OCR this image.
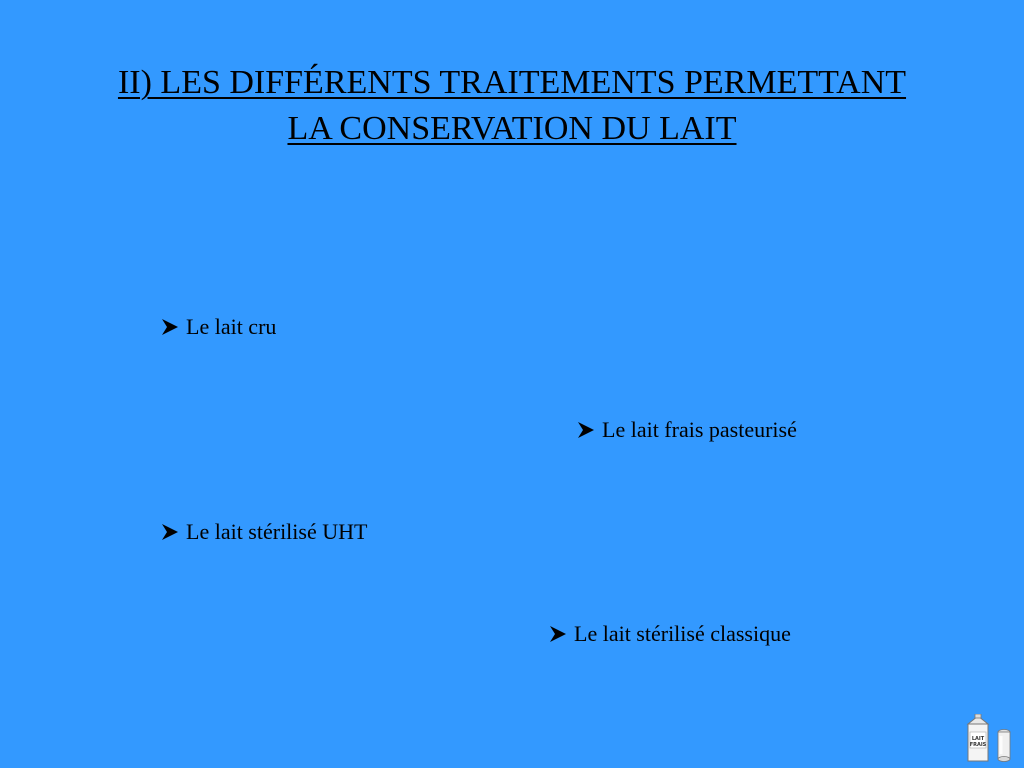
II) LES DIFFÉRENTS TRAITEMENTS PERMETTANT
LA CONSERVATION DU LAIT
Le lait cru
Le lait frais pasteurisé
Le lait stérilisé UHT
Le lait stérilisé classique
LAIT
FRAIS
